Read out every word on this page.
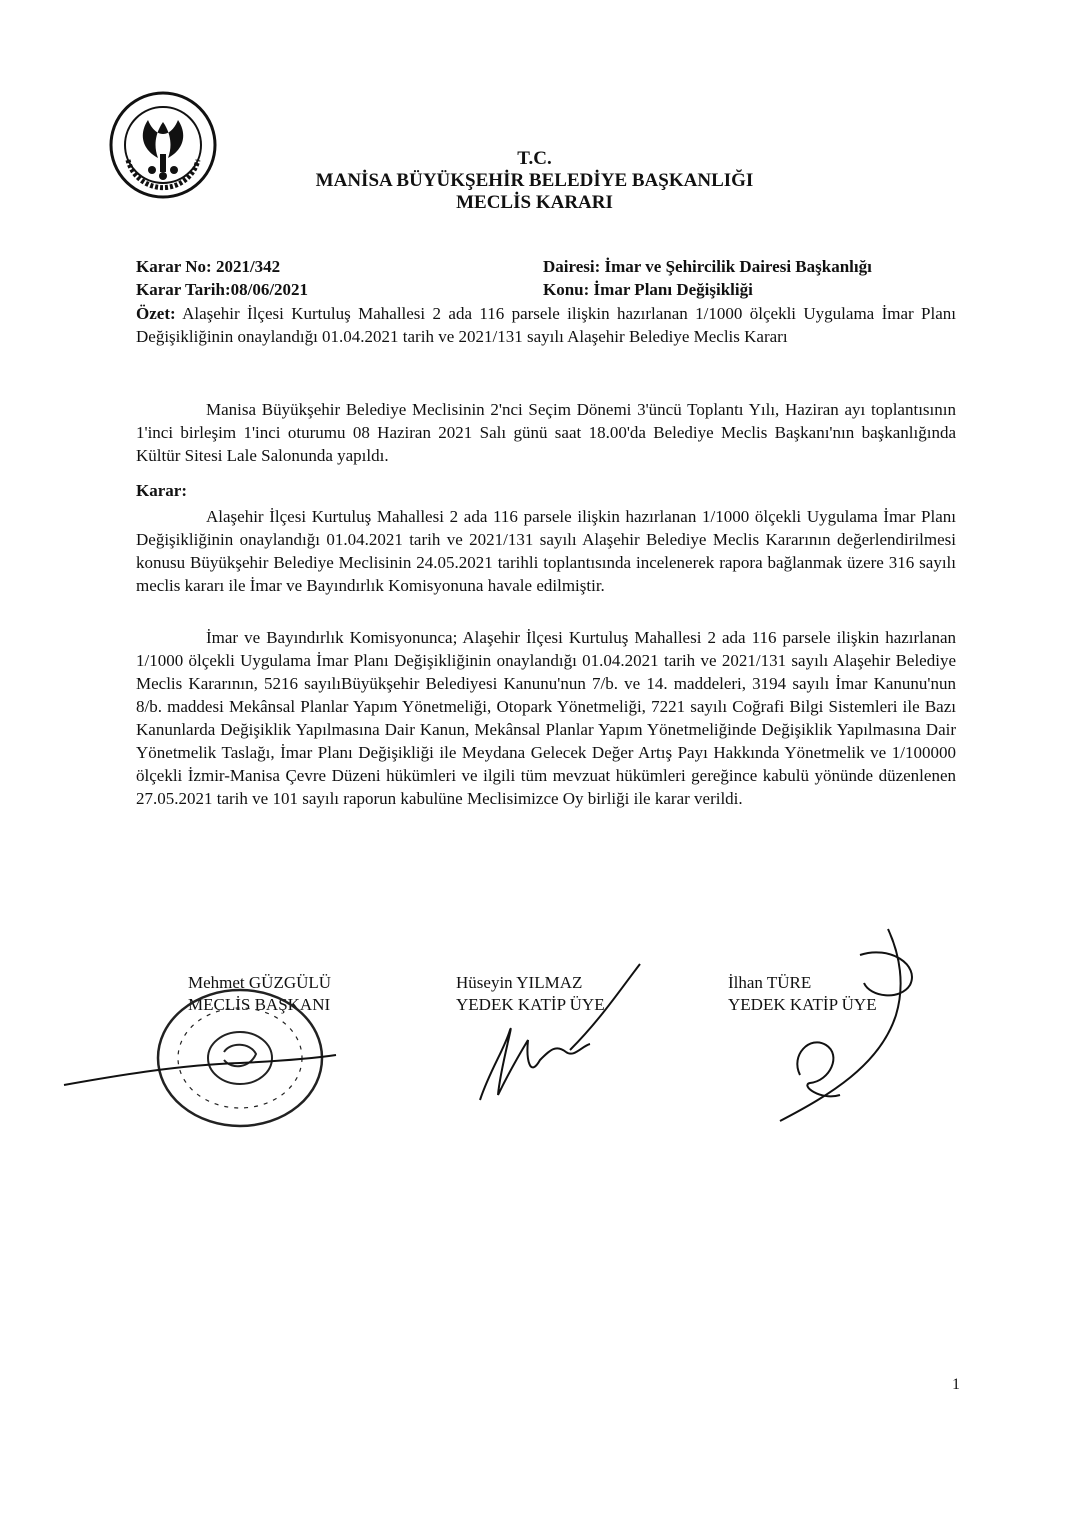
T.C.
MANİSA BÜYÜKŞEHİR BELEDİYE BAŞKANLIĞI
MECLİS KARARI
Karar No: 2021/342
Karar Tarih:08/06/2021
Dairesi: İmar ve Şehircilik Dairesi Başkanlığı
Konu: İmar Planı Değişikliği
Özet: Alaşehir İlçesi Kurtuluş Mahallesi 2 ada 116 parsele ilişkin hazırlanan 1/1000 ölçekli Uygulama İmar Planı Değişikliğinin onaylandığı 01.04.2021 tarih ve 2021/131 sayılı Alaşehir Belediye Meclis Kararı
Manisa Büyükşehir Belediye Meclisinin 2'nci Seçim Dönemi 3'üncü Toplantı Yılı, Haziran ayı toplantısının 1'inci birleşim 1'inci oturumu 08 Haziran 2021 Salı günü saat 18.00'da Belediye Meclis Başkanı'nın başkanlığında Kültür Sitesi Lale Salonunda yapıldı.
Karar:
Alaşehir İlçesi Kurtuluş Mahallesi 2 ada 116 parsele ilişkin hazırlanan 1/1000 ölçekli Uygulama İmar Planı Değişikliğinin onaylandığı 01.04.2021 tarih ve 2021/131 sayılı Alaşehir Belediye Meclis Kararının değerlendirilmesi konusu Büyükşehir Belediye Meclisinin 24.05.2021 tarihli toplantısında incelenerek rapora bağlanmak üzere 316 sayılı meclis kararı ile İmar ve Bayındırlık Komisyonuna havale edilmiştir.
İmar ve Bayındırlık Komisyonunca; Alaşehir İlçesi Kurtuluş Mahallesi 2 ada 116 parsele ilişkin hazırlanan 1/1000 ölçekli Uygulama İmar Planı Değişikliğinin onaylandığı 01.04.2021 tarih ve 2021/131 sayılı Alaşehir Belediye Meclis Kararının, 5216 sayılıBüyükşehir Belediyesi Kanunu'nun 7/b. ve 14. maddeleri, 3194 sayılı İmar Kanunu'nun 8/b. maddesi Mekânsal Planlar Yapım Yönetmeliği, Otopark Yönetmeliği, 7221 sayılı Coğrafi Bilgi Sistemleri ile Bazı Kanunlarda Değişiklik Yapılmasına Dair Kanun, Mekânsal Planlar Yapım Yönetmeliğinde Değişiklik Yapılmasına Dair Yönetmelik Taslağı, İmar Planı Değişikliği ile Meydana Gelecek Değer Artış Payı Hakkında Yönetmelik ve 1/100000 ölçekli İzmir-Manisa Çevre Düzeni hükümleri ve ilgili tüm mevzuat hükümleri gereğince kabulü yönünde düzenlenen 27.05.2021 tarih ve 101 sayılı raporun kabulüne Meclisimizce Oy birliği ile karar verildi.
Mehmet GÜZGÜLÜ
MECLİS BAŞKANI
Hüseyin YILMAZ
YEDEK KATİP ÜYE
İlhan TÜRE
YEDEK KATİP ÜYE
1
